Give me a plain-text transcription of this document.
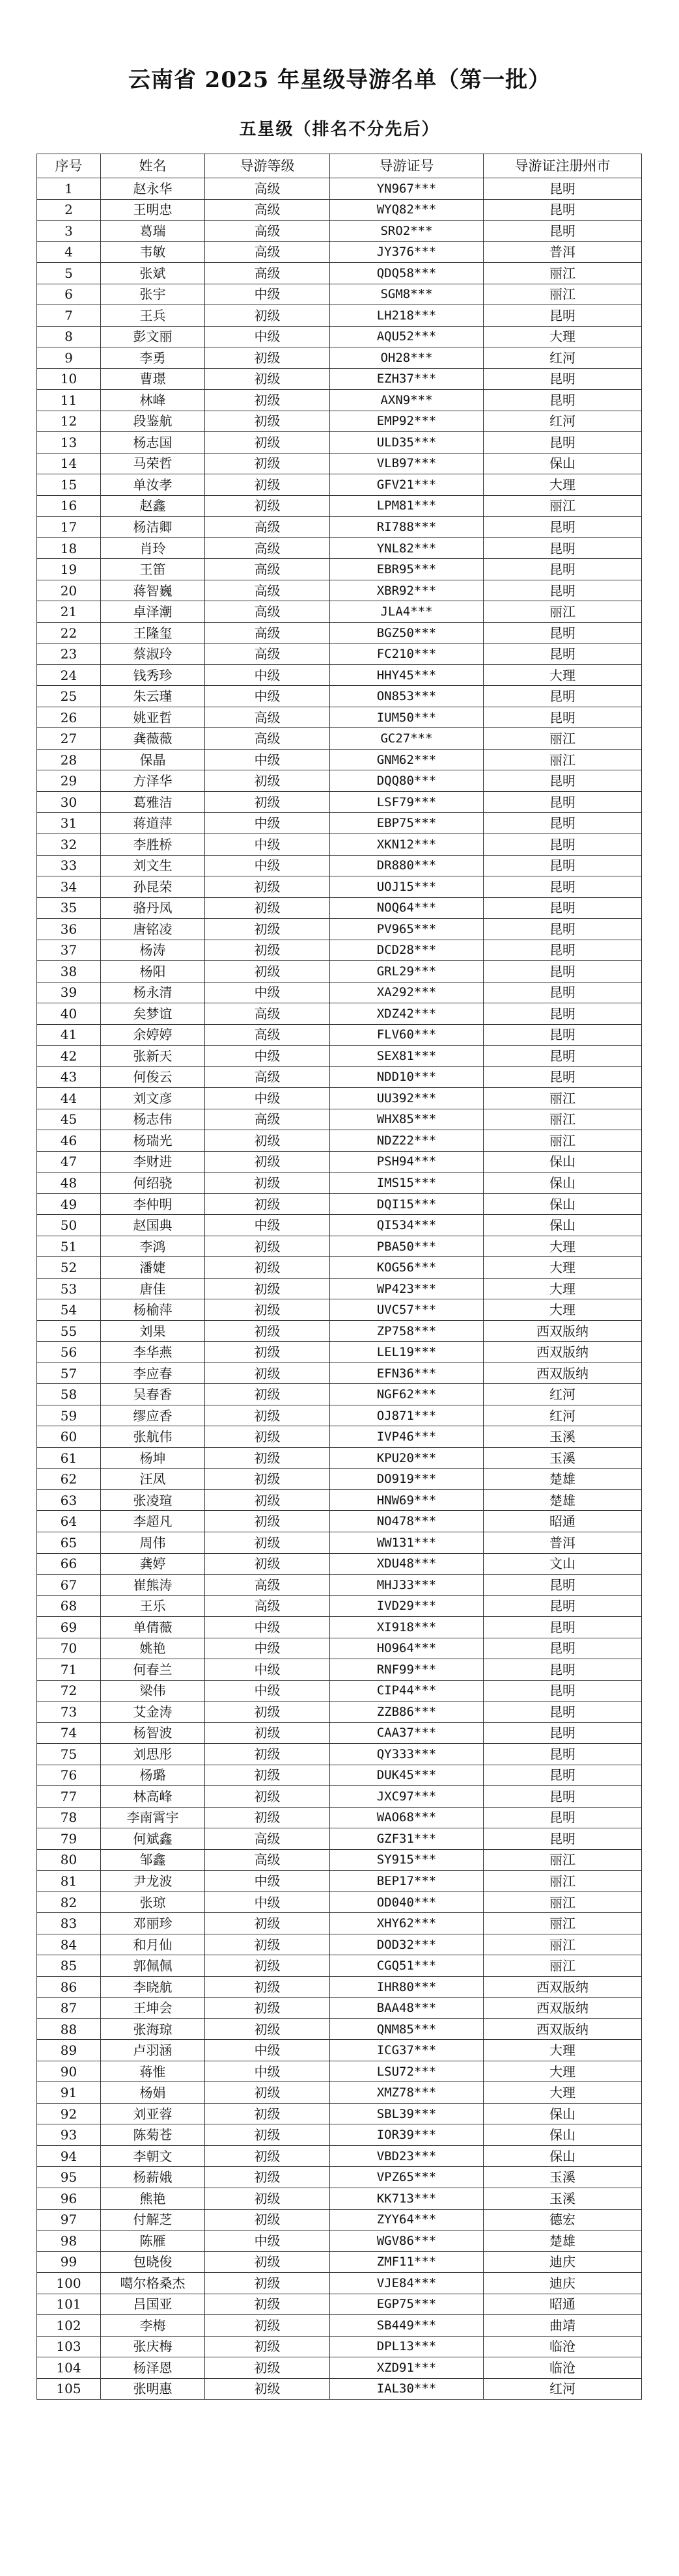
云南省 2025 年星级导游名单（第一批）
五星级（排名不分先后）
序号	姓名	导游等级	导游证号	导游证注册州市
1	赵永华	高级	YN967***	昆明
2	王明忠	高级	WYQ82***	昆明
3	葛瑞	高级	SRO2***	昆明
4	韦敏	高级	JY376***	普洱
5	张斌	高级	QDQ58***	丽江
6	张宇	中级	SGM8***	丽江
7	王兵	初级	LH218***	昆明
8	彭文丽	中级	AQU52***	大理
9	李勇	初级	OH28***	红河
10	曹璟	初级	EZH37***	昆明
11	林峰	初级	AXN9***	昆明
12	段鉴航	初级	EMP92***	红河
13	杨志国	初级	ULD35***	昆明
14	马荣哲	初级	VLB97***	保山
15	单汝孝	初级	GFV21***	大理
16	赵鑫	初级	LPM81***	丽江
17	杨洁卿	高级	RI788***	昆明
18	肖玲	高级	YNL82***	昆明
19	王笛	高级	EBR95***	昆明
20	蒋智巍	高级	XBR92***	昆明
21	卓泽潮	高级	JLA4***	丽江
22	王隆玺	高级	BGZ50***	昆明
23	蔡淑玲	高级	FC210***	昆明
24	钱秀珍	中级	HHY45***	大理
25	朱云瑾	中级	ON853***	昆明
26	姚亚哲	高级	IUM50***	昆明
27	龚薇薇	高级	GC27***	丽江
28	保晶	中级	GNM62***	丽江
29	方泽华	初级	DQQ80***	昆明
30	葛雅洁	初级	LSF79***	昆明
31	蒋道萍	中级	EBP75***	昆明
32	李胜桥	中级	XKN12***	昆明
33	刘文生	中级	DR880***	昆明
34	孙昆荣	初级	UOJ15***	昆明
35	骆丹凤	初级	NOQ64***	昆明
36	唐铭凌	初级	PV965***	昆明
37	杨涛	初级	DCD28***	昆明
38	杨阳	初级	GRL29***	昆明
39	杨永清	中级	XA292***	昆明
40	矣梦谊	高级	XDZ42***	昆明
41	余婷婷	高级	FLV60***	昆明
42	张新天	中级	SEX81***	昆明
43	何俊云	高级	NDD10***	昆明
44	刘文彦	中级	UU392***	丽江
45	杨志伟	高级	WHX85***	丽江
46	杨瑞光	初级	NDZ22***	丽江
47	李财进	初级	PSH94***	保山
48	何绍骁	初级	IMS15***	保山
49	李仲明	初级	DQI15***	保山
50	赵国典	中级	QI534***	保山
51	李鸿	初级	PBA50***	大理
52	潘婕	初级	KOG56***	大理
53	唐佳	初级	WP423***	大理
54	杨榆萍	初级	UVC57***	大理
55	刘果	初级	ZP758***	西双版纳
56	李华燕	初级	LEL19***	西双版纳
57	李应春	初级	EFN36***	西双版纳
58	吴春香	初级	NGF62***	红河
59	缪应香	初级	OJ871***	红河
60	张航伟	初级	IVP46***	玉溪
61	杨坤	初级	KPU20***	玉溪
62	汪凤	初级	DO919***	楚雄
63	张凌瑄	初级	HNW69***	楚雄
64	李超凡	初级	NO478***	昭通
65	周伟	初级	WW131***	普洱
66	龚婷	初级	XDU48***	文山
67	崔熊涛	高级	MHJ33***	昆明
68	王乐	高级	IVD29***	昆明
69	单倩薇	中级	XI918***	昆明
70	姚艳	中级	HO964***	昆明
71	何春兰	中级	RNF99***	昆明
72	梁伟	中级	CIP44***	昆明
73	艾金涛	初级	ZZB86***	昆明
74	杨智波	初级	CAA37***	昆明
75	刘思彤	初级	QY333***	昆明
76	杨璐	初级	DUK45***	昆明
77	林高峰	初级	JXC97***	昆明
78	李南霄宇	初级	WAO68***	昆明
79	何斌鑫	高级	GZF31***	昆明
80	邹鑫	高级	SY915***	丽江
81	尹龙波	中级	BEP17***	丽江
82	张琼	中级	OD040***	丽江
83	邓丽珍	初级	XHY62***	丽江
84	和月仙	初级	DOD32***	丽江
85	郭佩佩	初级	CGQ51***	丽江
86	李晓航	初级	IHR80***	西双版纳
87	王坤会	初级	BAA48***	西双版纳
88	张海琼	初级	QNM85***	西双版纳
89	卢羽涵	中级	ICG37***	大理
90	蒋惟	中级	LSU72***	大理
91	杨娟	初级	XMZ78***	大理
92	刘亚蓉	初级	SBL39***	保山
93	陈菊苍	初级	IOR39***	保山
94	李朝文	初级	VBD23***	保山
95	杨薪娥	初级	VPZ65***	玉溪
96	熊艳	初级	KK713***	玉溪
97	付解芝	初级	ZYY64***	德宏
98	陈雁	中级	WGV86***	楚雄
99	包晓俊	初级	ZMF11***	迪庆
100	噶尔格桑杰	初级	VJE84***	迪庆
101	吕国亚	初级	EGP75***	昭通
102	李梅	初级	SB449***	曲靖
103	张庆梅	初级	DPL13***	临沧
104	杨泽恩	初级	XZD91***	临沧
105	张明惠	初级	IAL30***	红河
